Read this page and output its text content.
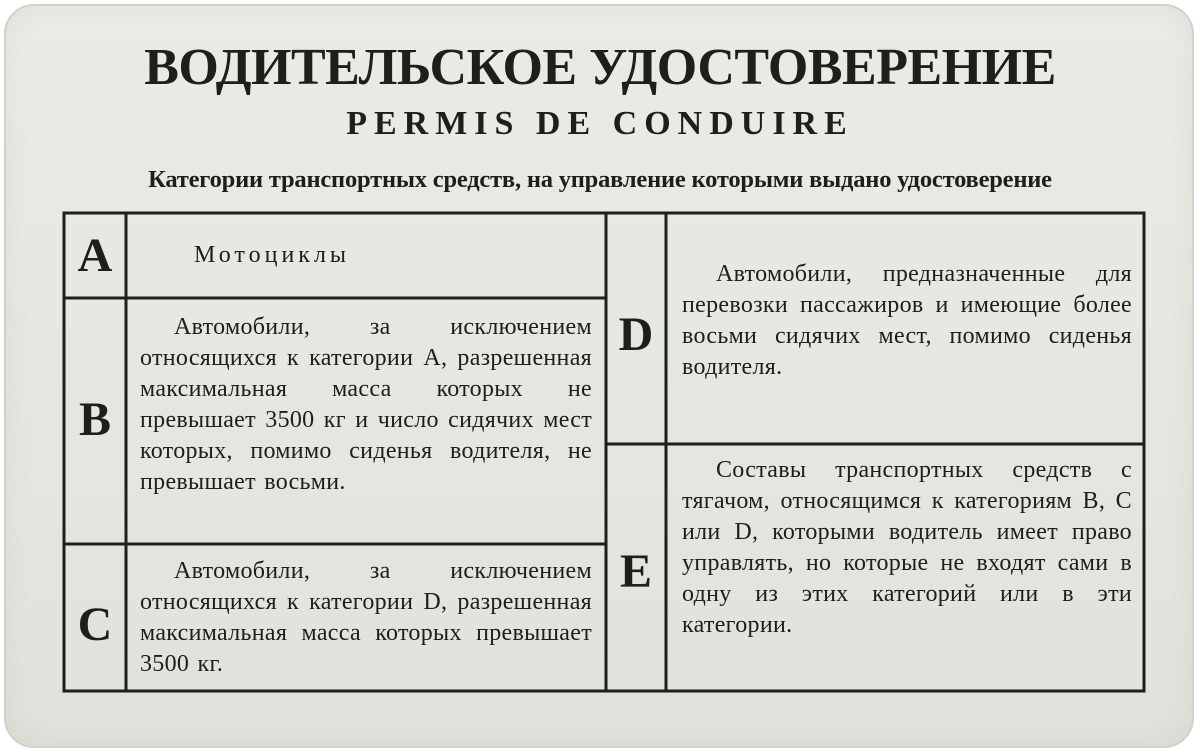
ВОДИТЕЛЬСКОЕ УДОСТОВЕРЕНИЕ
PERMIS DE CONDUIRE
Категории транспортных средств, на управление которыми выдано удостоверение
A	Мотоциклы
B
Автомобили, за исключением относящихся к категории A, разрешенная максимальная масса которых не превышает 3500 кг и число сидячих мест которых, помимо сиденья водителя, не превышает восьми.
C
Автомобили, за исключением относящихся к категории D, разрешенная максимальная масса которых превышает 3500 кг.
D
Автомобили, предназначенные для перевозки пассажиров и имеющие более восьми сидячих мест, помимо сиденья водителя.
E
Составы транспортных средств с тягачом, относящимся к категориям B, C или D, которыми водитель имеет право управлять, но которые не входят сами в одну из этих категорий или в эти категории.
